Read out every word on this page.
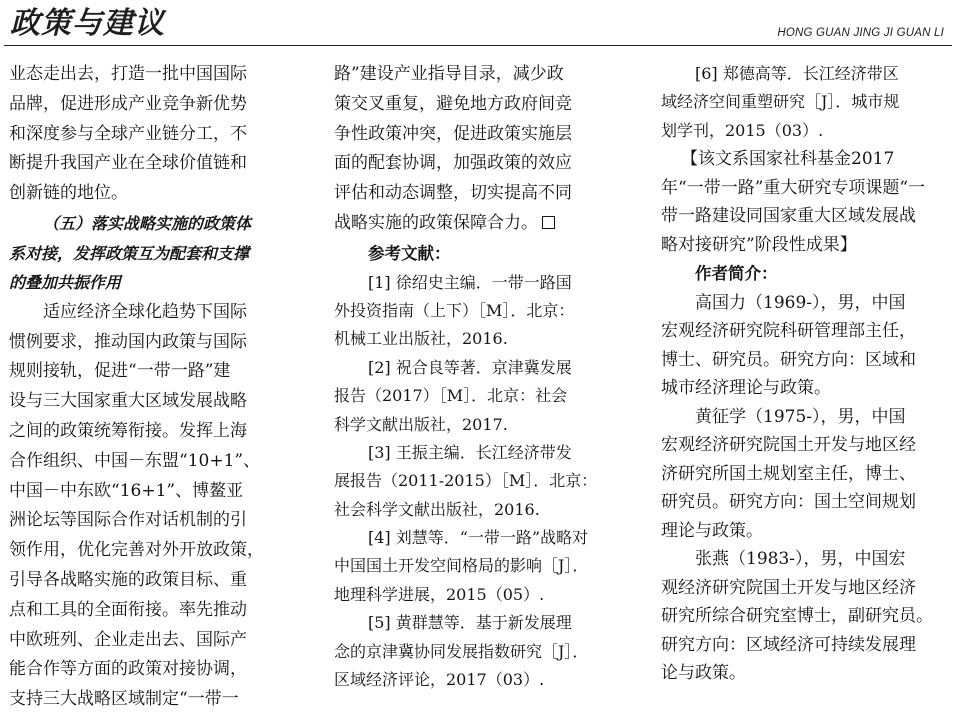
政策与建议	HONG GUAN JING JI GUAN LI

业态走出去，打造一批中国国际
品牌，促进形成产业竞争新优势
和深度参与全球产业链分工，不
断提升我国产业在全球价值链和
创新链的地位。

（五）落实战略实施的政策体
系对接，发挥政策互为配套和支撑
的叠加共振作用

适应经济全球化趋势下国际
惯例要求，推动国内政策与国际
规则接轨，促进“一带一路”建
设与三大国家重大区域发展战略
之间的政策统筹衔接。发挥上海
合作组织、中国－东盟“10+1”、
中国－中东欧“16+1”、博鳌亚
洲论坛等国际合作对话机制的引
领作用，优化完善对外开放政策，
引导各战略实施的政策目标、重
点和工具的全面衔接。率先推动
中欧班列、企业走出去、国际产
能合作等方面的政策对接协调，
支持三大战略区域制定“一带一

路”建设产业指导目录，减少政
策交叉重复，避免地方政府间竞
争性政策冲突，促进政策实施层
面的配套协调，加强政策的效应
评估和动态调整，切实提高不同
战略实施的政策保障合力。

参考文献：
[1] 徐绍史主编．一带一路国
外投资指南（上下）［M］．北京：
机械工业出版社，2016.
[2] 祝合良等著．京津冀发展
报告（2017）［M］．北京：社会
科学文献出版社，2017.
[3] 王振主编．长江经济带发
展报告（2011-2015）［M］．北京：
社会科学文献出版社，2016.
[4] 刘慧等．“一带一路”战略对
中国国土开发空间格局的影响［J］．
地理科学进展，2015（05）.
[5] 黄群慧等．基于新发展理
念的京津冀协同发展指数研究［J］．
区域经济评论，2017（03）.
[6] 郑德高等．长江经济带区
域经济空间重塑研究［J］．城市规
划学刊，2015（03）.

【该文系国家社科基金2017
年“一带一路”重大研究专项课题“一
带一路建设同国家重大区域发展战
略对接研究”阶段性成果】

作者简介：

高国力（1969-），男，中国
宏观经济研究院科研管理部主任，
博士、研究员。研究方向：区域和
城市经济理论与政策。

黄征学（1975-），男，中国
宏观经济研究院国土开发与地区经
济研究所国土规划室主任，博士、
研究员。研究方向：国土空间规划
理论与政策。

张燕（1983-），男，中国宏
观经济研究院国土开发与地区经济
研究所综合研究室博士，副研究员。
研究方向：区域经济可持续发展理
论与政策。
